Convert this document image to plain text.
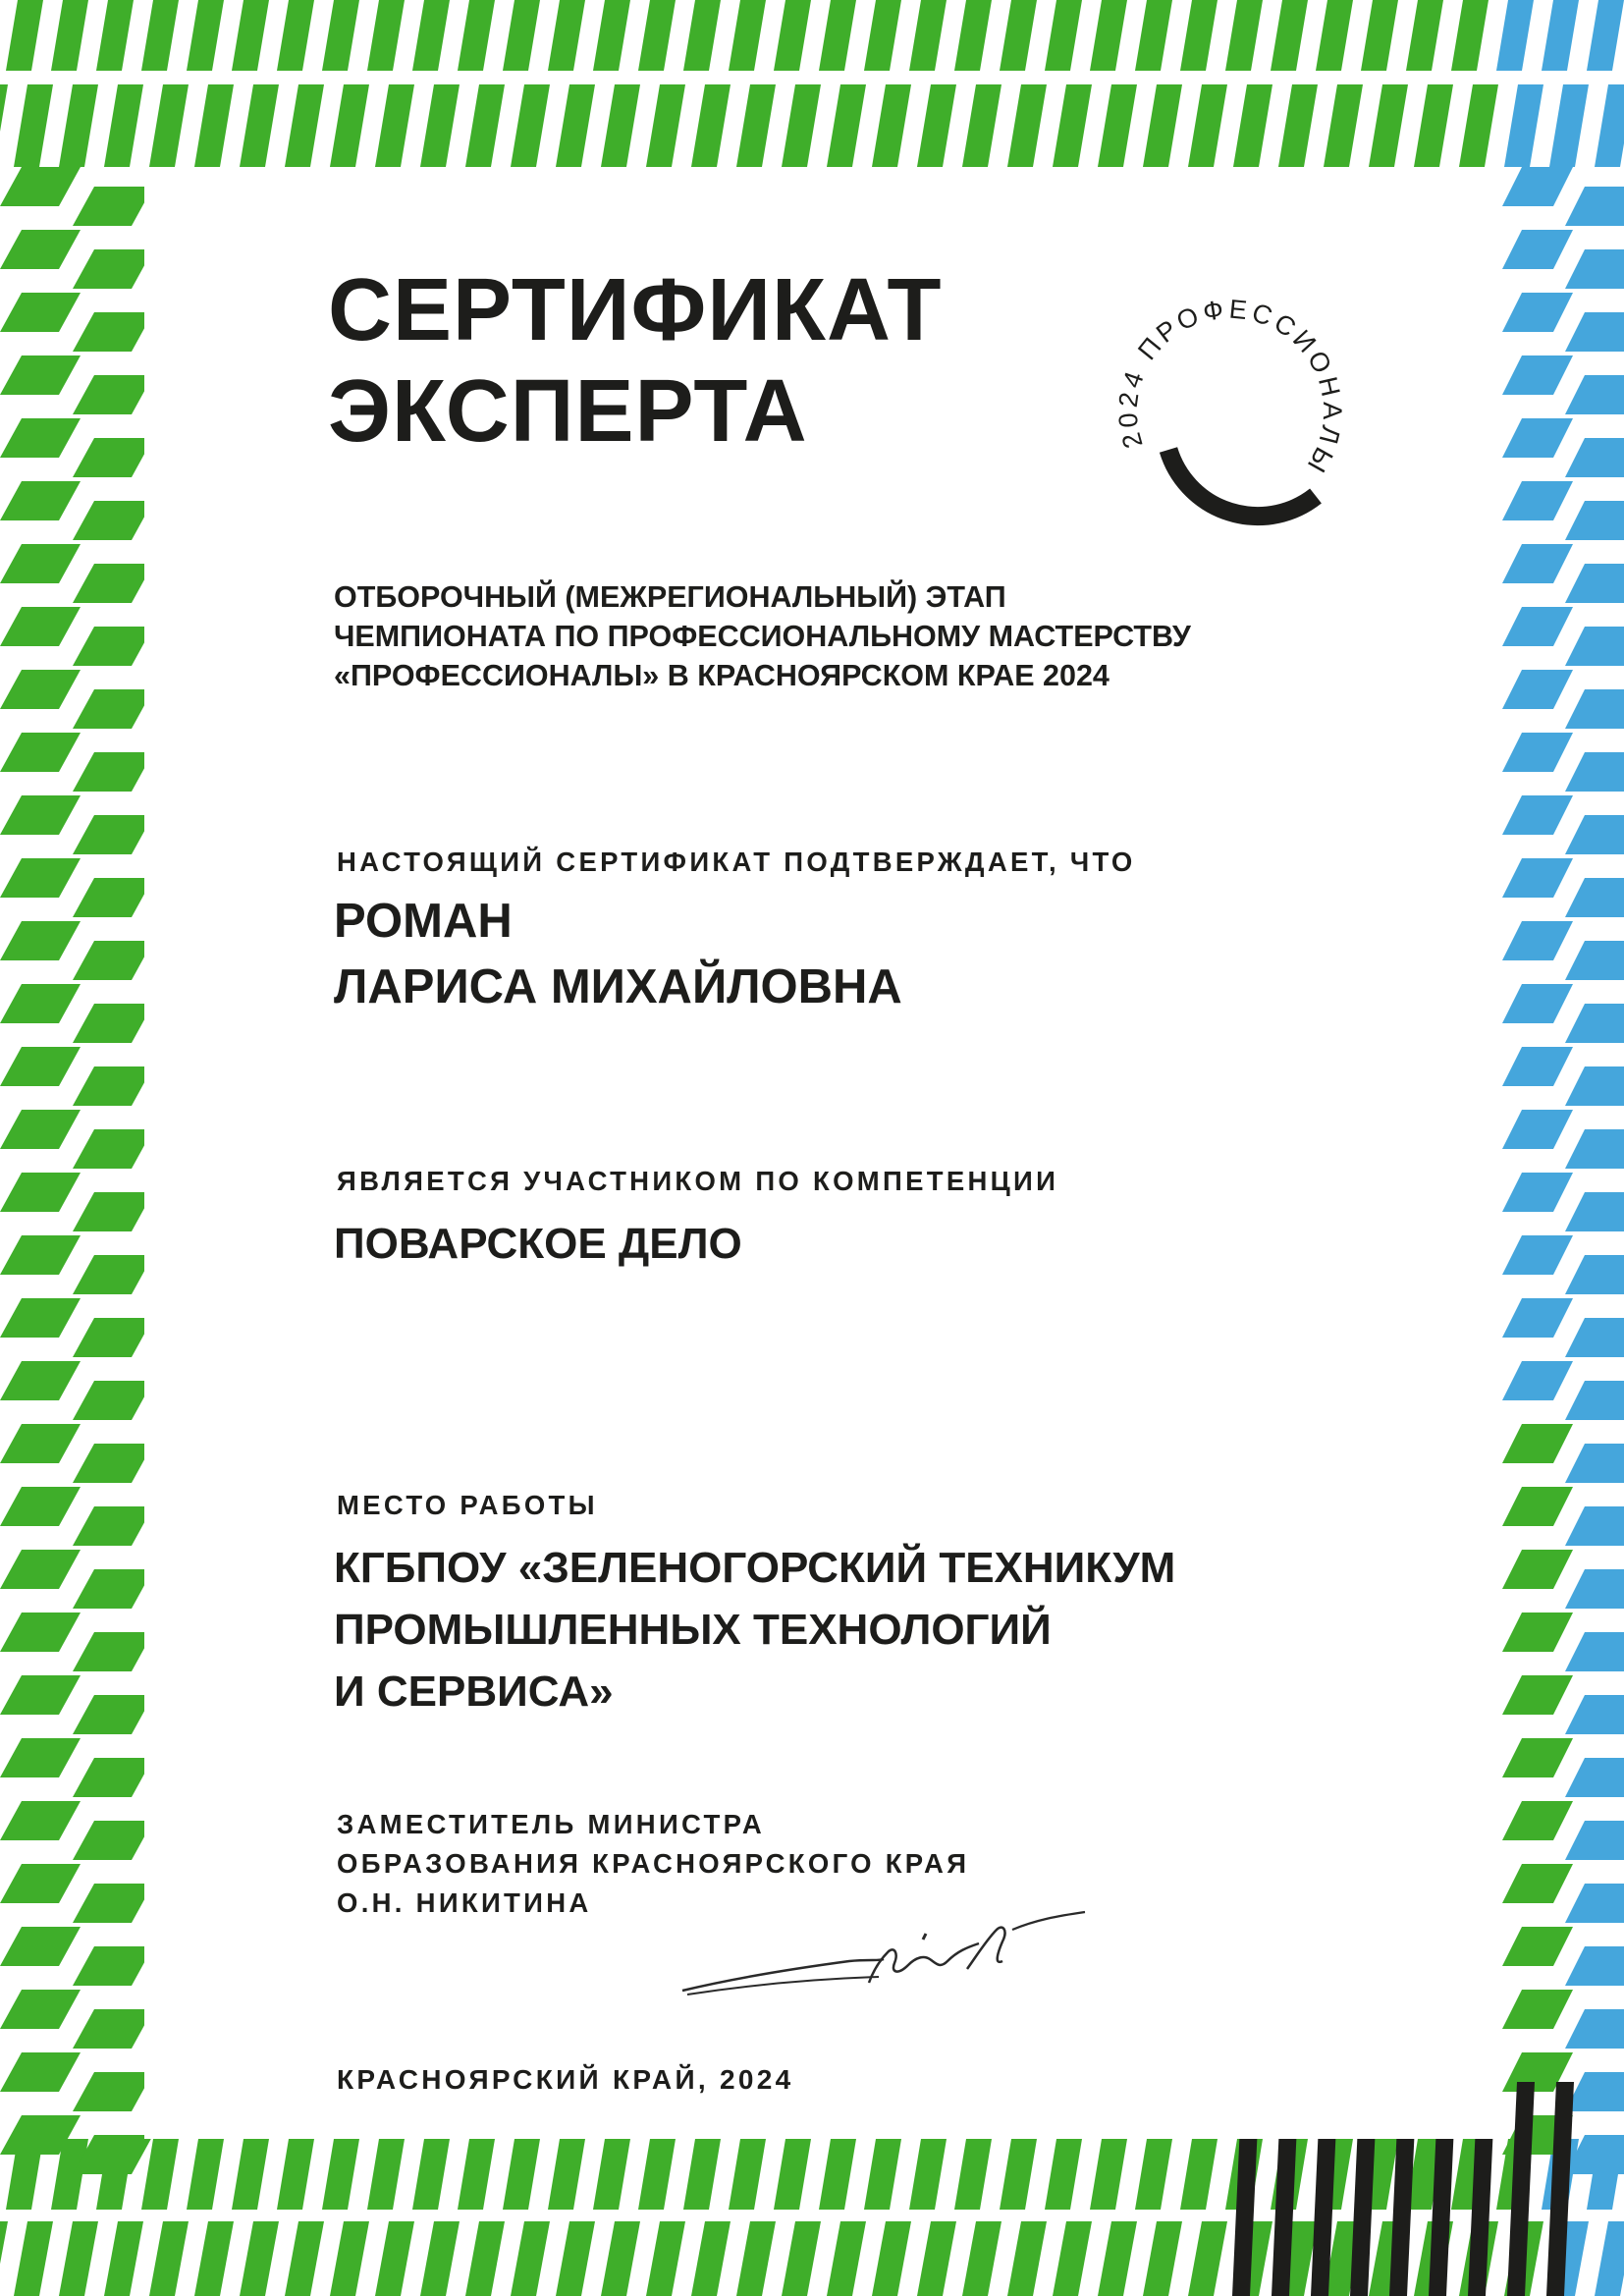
СЕРТИФИКАТ
ЭКСПЕРТА	2024 ПРОФЕССИОНАЛЫ
ОТБОРОЧНЫЙ (МЕЖРЕГИОНАЛЬНЫЙ) ЭТАП
ЧЕМПИОНАТА ПО ПРОФЕССИОНАЛЬНОМУ МАСТЕРСТВУ
«ПРОФЕССИОНАЛЫ» В КРАСНОЯРСКОМ КРАЕ 2024
НАСТОЯЩИЙ СЕРТИФИКАТ ПОДТВЕРЖДАЕТ, ЧТО
РОМАН
ЛАРИСА МИХАЙЛОВНА
ЯВЛЯЕТСЯ УЧАСТНИКОМ ПО КОМПЕТЕНЦИИ
ПОВАРСКОЕ ДЕЛО
МЕСТО РАБОТЫ
КГБПОУ «ЗЕЛЕНОГОРСКИЙ ТЕХНИКУМ
ПРОМЫШЛЕННЫХ ТЕХНОЛОГИЙ
И СЕРВИСА»
ЗАМЕСТИТЕЛЬ МИНИСТРА
ОБРАЗОВАНИЯ КРАСНОЯРСКОГО КРАЯ
О.Н. НИКИТИНА
КРАСНОЯРСКИЙ КРАЙ, 2024
